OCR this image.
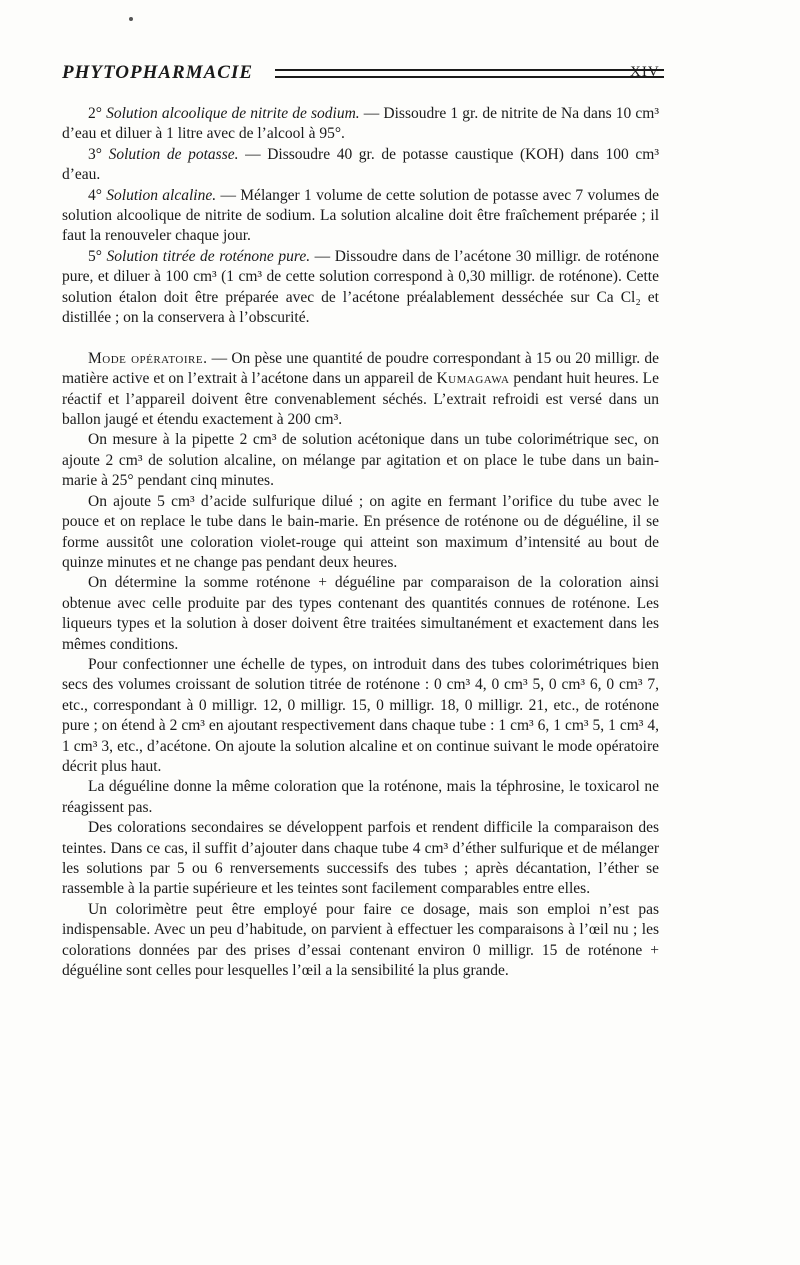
PHYTOPHARMACIE	XIV

2° Solution alcoolique de nitrite de sodium. — Dissoudre 1 gr. de nitrite de Na dans 10 cm³ d’eau et diluer à 1 litre avec de l’alcool à 95°.

3° Solution de potasse. — Dissoudre 40 gr. de potasse caustique (KOH) dans 100 cm³ d’eau.

4° Solution alcaline. — Mélanger 1 volume de cette solution de potasse avec 7 volumes de solution alcoolique de nitrite de sodium. La solution alcaline doit être fraîchement préparée ; il faut la renouveler chaque jour.

5° Solution titrée de roténone pure. — Dissoudre dans de l’acétone 30 milligr. de roténone pure, et diluer à 100 cm³ (1 cm³ de cette solution correspond à 0,30 milligr. de roténone). Cette solution étalon doit être préparée avec de l’acétone préalablement desséchée sur Ca Cl₂ et distillée ; on la conservera à l’obscurité.

Mode opératoire. — On pèse une quantité de poudre correspondant à 15 ou 20 milligr. de matière active et on l’extrait à l’acétone dans un appareil de Kumagawa pendant huit heures. Le réactif et l’appareil doivent être convenablement séchés. L’extrait refroidi est versé dans un ballon jaugé et étendu exactement à 200 cm³.

On mesure à la pipette 2 cm³ de solution acétonique dans un tube colorimétrique sec, on ajoute 2 cm³ de solution alcaline, on mélange par agitation et on place le tube dans un bain-marie à 25° pendant cinq minutes.

On ajoute 5 cm³ d’acide sulfurique dilué ; on agite en fermant l’orifice du tube avec le pouce et on replace le tube dans le bain-marie. En présence de roténone ou de déguéline, il se forme aussitôt une coloration violet-rouge qui atteint son maximum d’intensité au bout de quinze minutes et ne change pas pendant deux heures.

On détermine la somme roténone + déguéline par comparaison de la coloration ainsi obtenue avec celle produite par des types contenant des quantités connues de roténone. Les liqueurs types et la solution à doser doivent être traitées simultanément et exactement dans les mêmes conditions.

Pour confectionner une échelle de types, on introduit dans des tubes colorimétriques bien secs des volumes croissant de solution titrée de roténone : 0 cm³ 4, 0 cm³ 5, 0 cm³ 6, 0 cm³ 7, etc., correspondant à 0 milligr. 12, 0 milligr. 15, 0 milligr. 18, 0 milligr. 21, etc., de roténone pure ; on étend à 2 cm³ en ajoutant respectivement dans chaque tube : 1 cm³ 6, 1 cm³ 5, 1 cm³ 4, 1 cm³ 3, etc., d’acétone. On ajoute la solution alcaline et on continue suivant le mode opératoire décrit plus haut.

La déguéline donne la même coloration que la roténone, mais la téphrosine, le toxicarol ne réagissent pas.

Des colorations secondaires se développent parfois et rendent difficile la comparaison des teintes. Dans ce cas, il suffit d’ajouter dans chaque tube 4 cm³ d’éther sulfurique et de mélanger les solutions par 5 ou 6 renversements successifs des tubes ; après décantation, l’éther se rassemble à la partie supérieure et les teintes sont facilement comparables entre elles.

Un colorimètre peut être employé pour faire ce dosage, mais son emploi n’est pas indispensable. Avec un peu d’habitude, on parvient à effectuer les comparaisons à l’œil nu ; les colorations données par des prises d’essai contenant environ 0 milligr. 15 de roténone + déguéline sont celles pour lesquelles l’œil a la sensibilité la plus grande.
